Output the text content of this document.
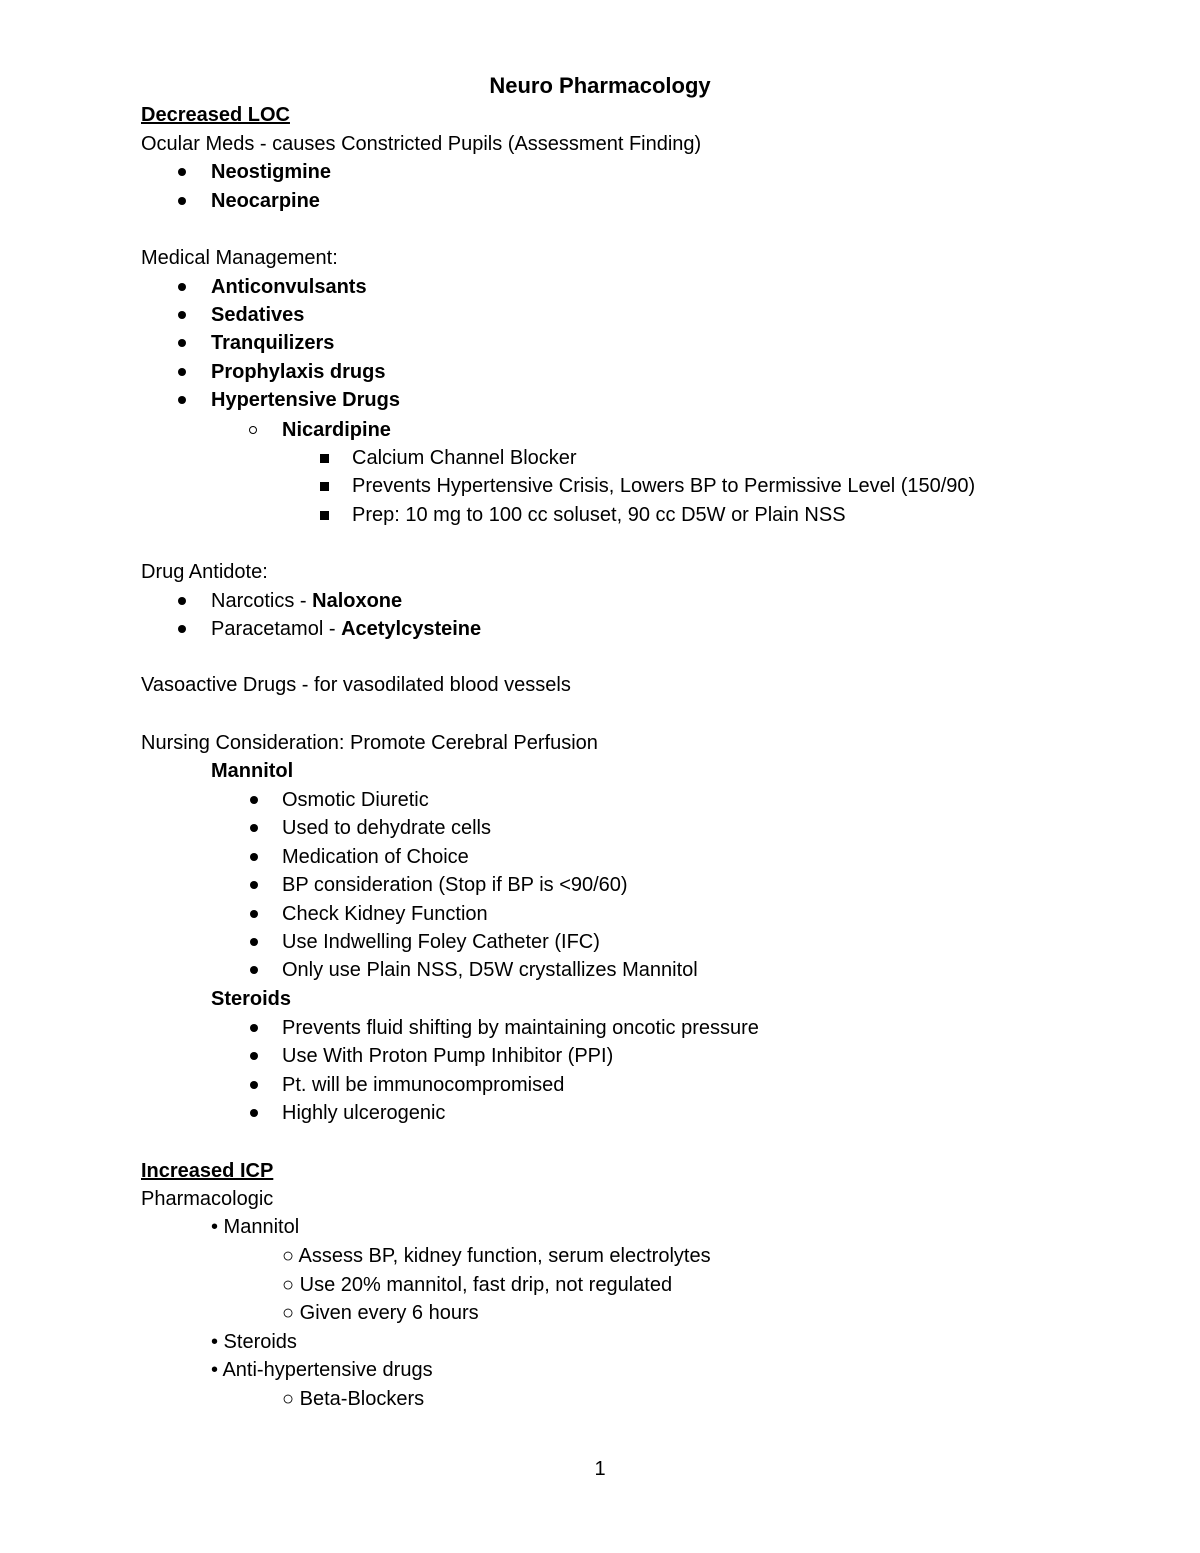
Neuro Pharmacology
Decreased LOC
Ocular Meds - causes Constricted Pupils (Assessment Finding)
Neostigmine
Neocarpine
Medical Management:
Anticonvulsants
Sedatives
Tranquilizers
Prophylaxis drugs
Hypertensive Drugs
Nicardipine
Calcium Channel Blocker
Prevents Hypertensive Crisis, Lowers BP to Permissive Level (150/90)
Prep: 10 mg to 100 cc soluset, 90 cc D5W or Plain NSS
Drug Antidote:
Narcotics - Naloxone
Paracetamol - Acetylcysteine
Vasoactive Drugs - for vasodilated blood vessels
Nursing Consideration: Promote Cerebral Perfusion
Mannitol
Osmotic Diuretic
Used to dehydrate cells
Medication of Choice
BP consideration (Stop if BP is <90/60)
Check Kidney Function
Use Indwelling Foley Catheter (IFC)
Only use Plain NSS, D5W crystallizes Mannitol
Steroids
Prevents fluid shifting by maintaining oncotic pressure
Use With Proton Pump Inhibitor (PPI)
Pt. will be immunocompromised
Highly ulcerogenic
Increased ICP
Pharmacologic
• Mannitol
○ Assess BP, kidney function, serum electrolytes
○ Use 20% mannitol, fast drip, not regulated
○ Given every 6 hours
• Steroids
• Anti-hypertensive drugs
○ Beta-Blockers
1
